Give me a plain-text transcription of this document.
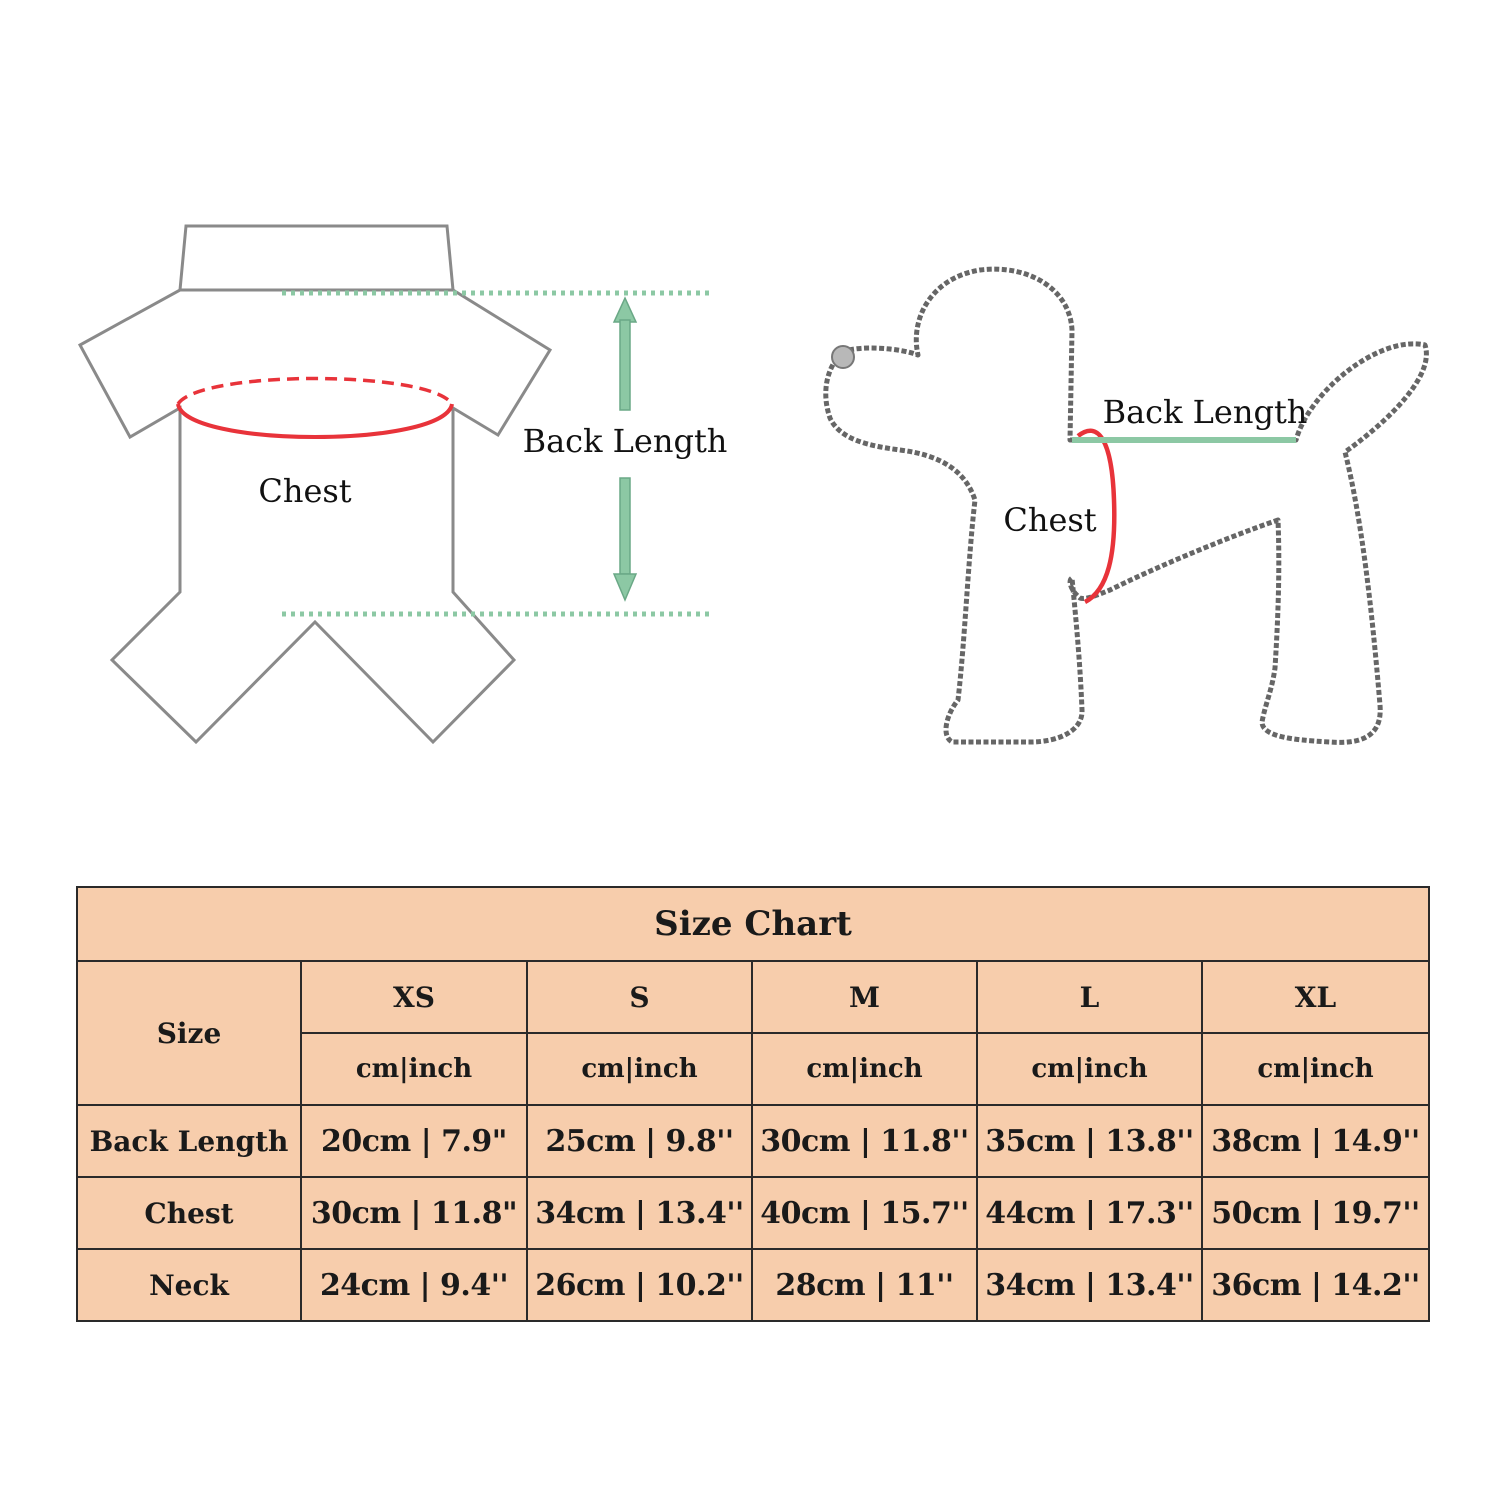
Chest
Back Length
Chest
Back Length
Size Chart					
Size	XS	S	M	L	XL
	cm|inch	cm|inch	cm|inch	cm|inch	cm|inch
Back Length	20cm | 7.9"	25cm | 9.8''	30cm | 11.8''	35cm | 13.8''	38cm | 14.9''
Chest	30cm | 11.8"	34cm | 13.4''	40cm | 15.7''	44cm | 17.3''	50cm | 19.7''
Neck	24cm | 9.4''	26cm | 10.2''	28cm | 11''	34cm | 13.4''	36cm | 14.2''
